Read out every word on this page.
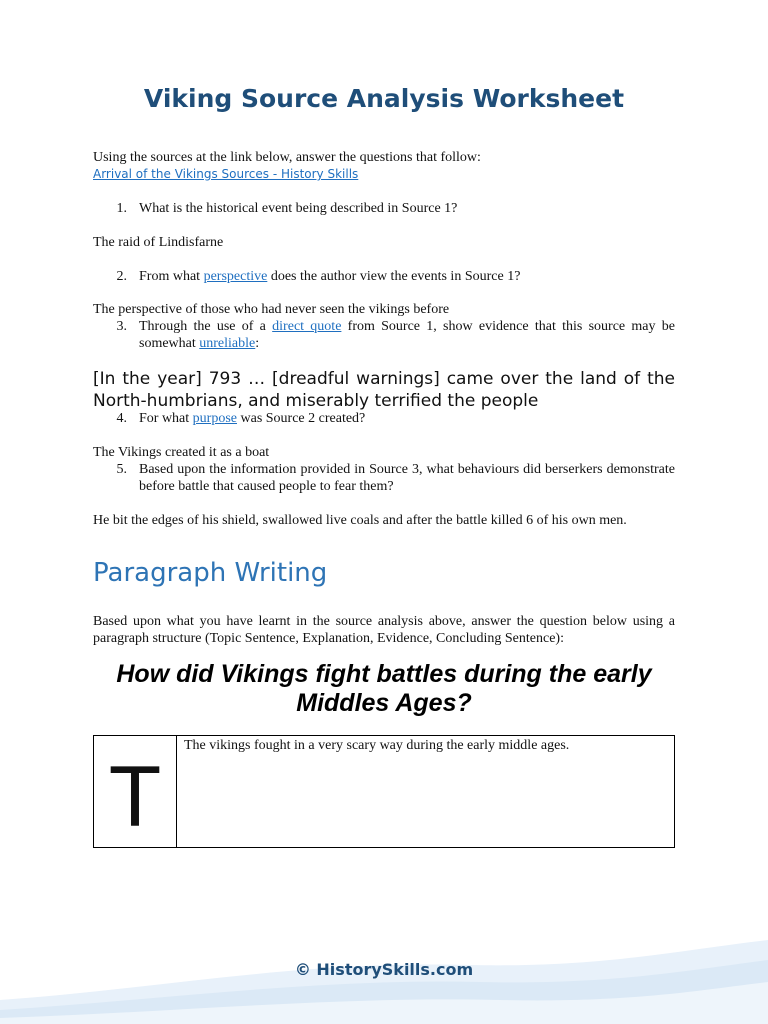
Viking Source Analysis Worksheet
Using the sources at the link below, answer the questions that follow:
Arrival of the Vikings Sources - History Skills
1. What is the historical event being described in Source 1?
The raid of Lindisfarne
2. From what perspective does the author view the events in Source 1?
The perspective of those who had never seen the vikings before
3. Through the use of a direct quote from Source 1, show evidence that this source may be somewhat unreliable:
[In the year] 793 … [dreadful warnings] came over the land of the North-humbrians, and miserably terrified the people
4. For what purpose was Source 2 created?
The Vikings created it as a boat
5. Based upon the information provided in Source 3, what behaviours did berserkers demonstrate before battle that caused people to fear them?
He bit the edges of his shield, swallowed live coals and after the battle killed 6 of his own men.
Paragraph Writing
Based upon what you have learnt in the source analysis above, answer the question below using a paragraph structure (Topic Sentence, Explanation, Evidence, Concluding Sentence):
How did Vikings fight battles during the early Middles Ages?
T
The vikings fought in a very scary way during the early middle ages.
© HistorySkills.com
